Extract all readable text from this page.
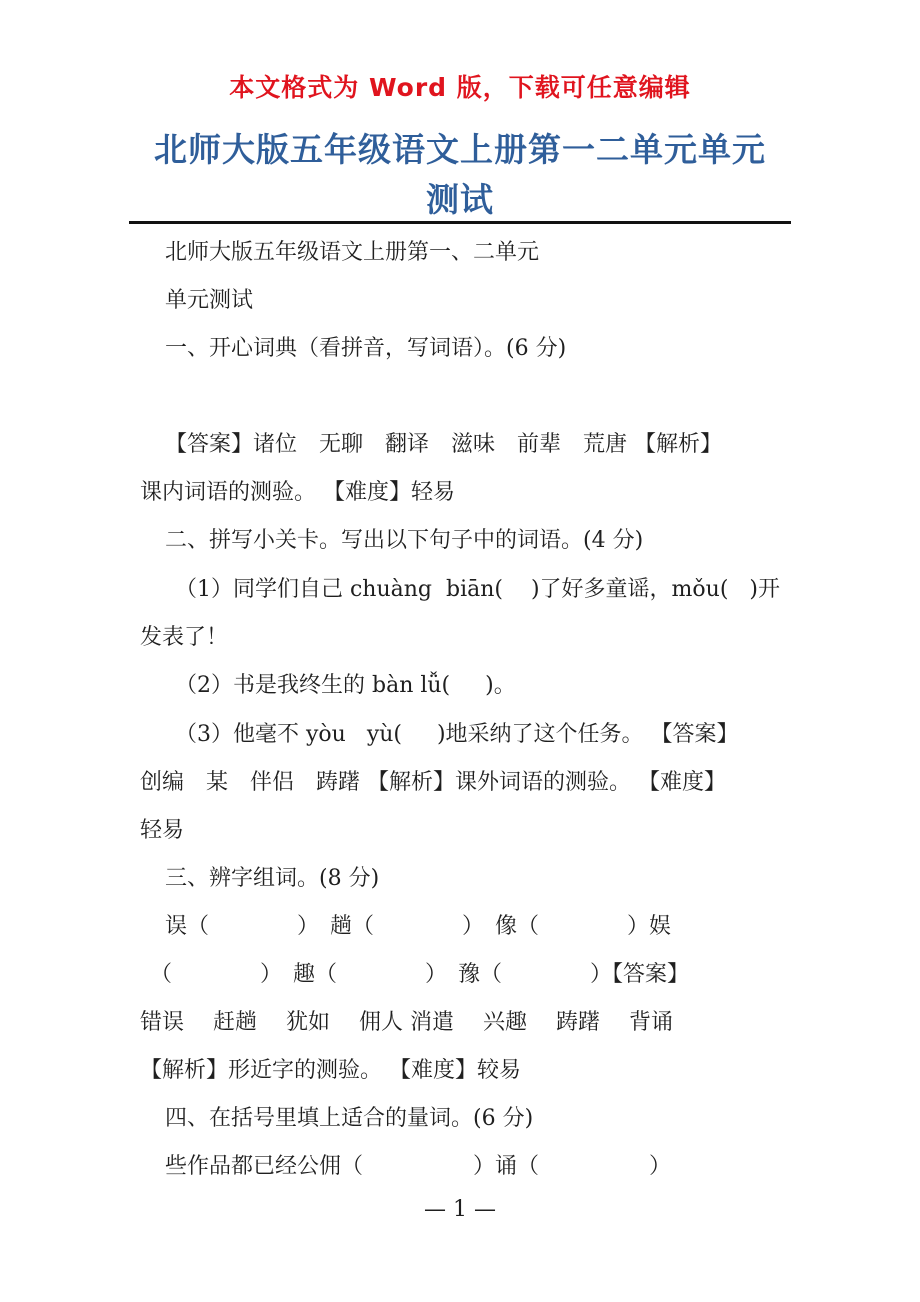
本文格式为 Word 版，下载可任意编辑
北师大版五年级语文上册第一二单元单元
测试
北师大版五年级语文上册第一、二单元
单元测试
一、开心词典（看拼音，写词语）。(6 分)
【答案】诸位　无聊　翻译　滋味　前辈　荒唐 【解析】
课内词语的测验。 【难度】轻易
二、拼写小关卡。写出以下句子中的词语。(4 分)
（1）同学们自己 chuàng  biān(    )了好多童谣，mǒu(   )开
发表了！
（2）书是我终生的 bàn lǚ(     )。
（3）他毫不 yòu   yù(     )地采纳了这个任务。 【答案】
创编　某　伴侣　踌躇 【解析】课外词语的测验。 【难度】
轻易
三、辨字组词。(8 分)
误（　　　　）　趟（　　　　）　像（　　　　）娱
（　　　　）　趣（　　　　）　豫（　　　　）【答案】
错误　 赶趟　 犹如　 佣人 消遣　 兴趣　 踌躇　 背诵
【解析】形近字的测验。 【难度】较易
四、在括号里填上适合的量词。(6 分)
些作品都已经公佣（　　　　　）诵（　　　　　）
— 1 —
